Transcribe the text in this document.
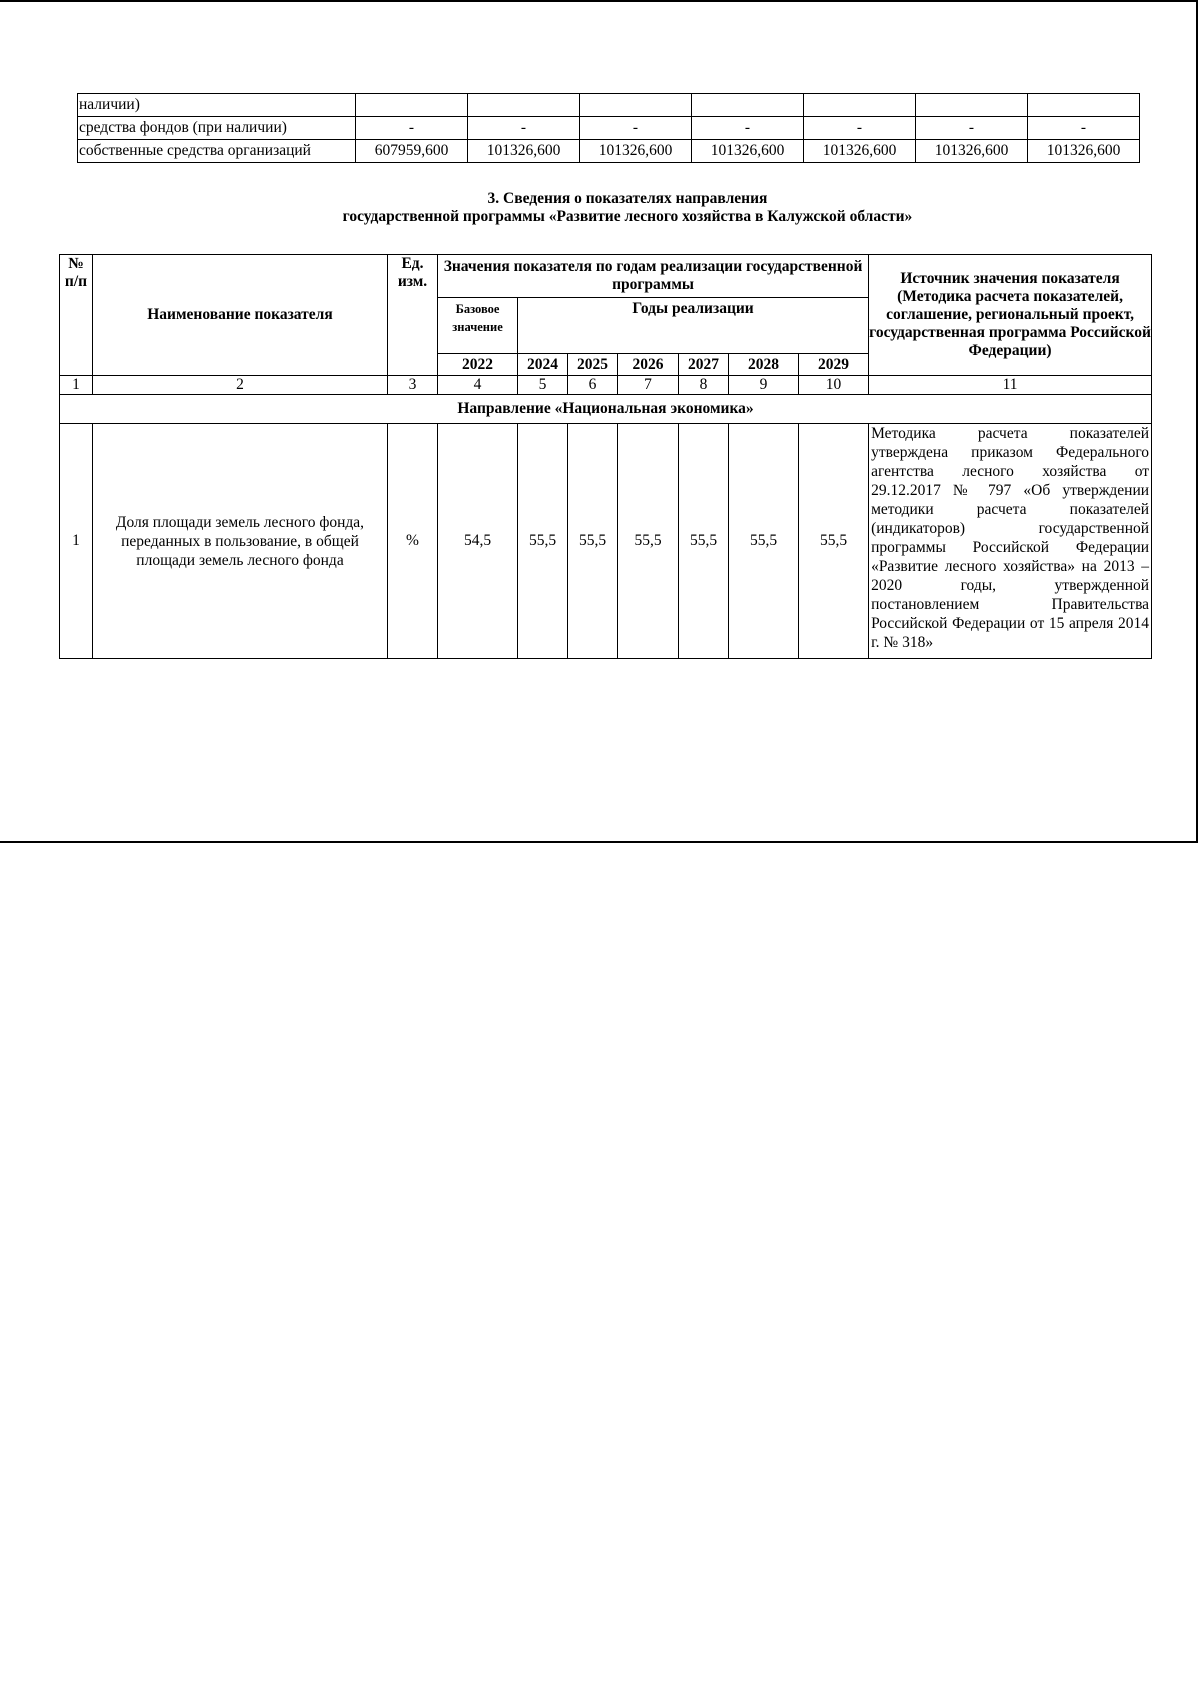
наличии)							
средства фондов (при наличии)	-	-	-	-	-	-	-
собственные средства организаций	607959,600	101326,600	101326,600	101326,600	101326,600	101326,600	101326,600
3. Сведения о показателях направления
государственной программы «Развитие лесного хозяйства в Калужской области»
№ п/п	Наименование показателя	Ед. изм.	Значения показателя по годам реализации государственной программы							Источник значения показателя (Методика расчета показателей, соглашение, региональный проект, государственная программа Российской Федерации)
			Базовое значение	Годы реализации						
			2022	2024	2025	2026	2027	2028	2029	
1	2	3	4	5	6	7	8	9	10	11
Направление «Национальная экономика»										
1	Доля площади земель лесного фонда, переданных в пользование, в общей площади земель лесного фонда	%	54,5	55,5	55,5	55,5	55,5	55,5	55,5	Методика расчета показателей утверждена приказом Федерального агентства лесного хозяйства от 29.12.2017 № 797 «Об утверждении методики расчета показателей (индикаторов) государственной программы Российской Федерации «Развитие лесного хозяйства» на 2013 – 2020 годы, утвержденной постановлением Правительства Российской Федерации от 15 апреля 2014 г. № 318»
